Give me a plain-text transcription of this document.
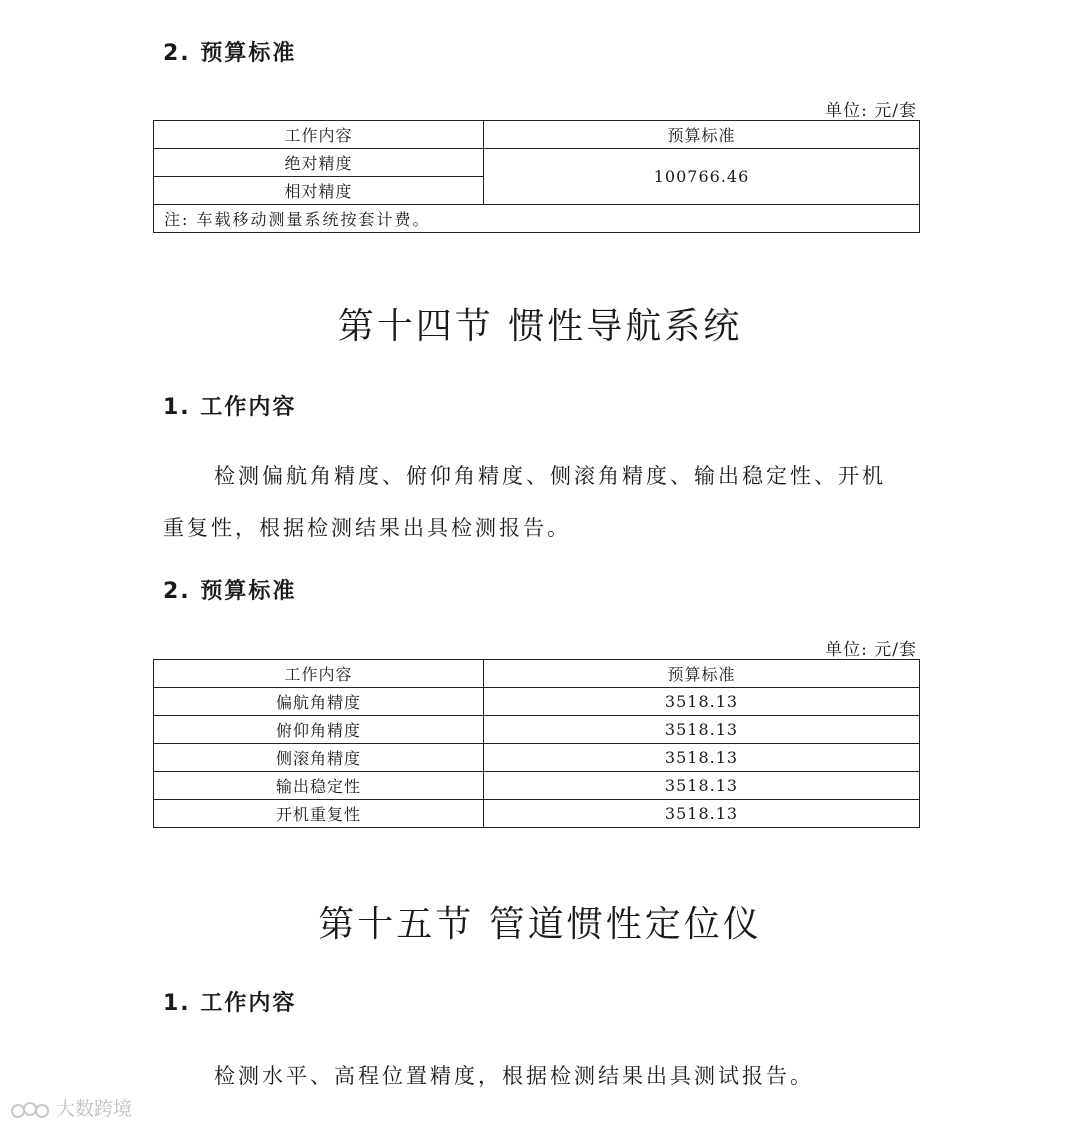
2. 预算标准
单位: 元/套
工作内容	预算标准
绝对精度	100766.46
相对精度	
注: 车载移动测量系统按套计费。	
第十四节 惯性导航系统
1. 工作内容
检测偏航角精度、俯仰角精度、侧滚角精度、输出稳定性、开机
重复性，根据检测结果出具检测报告。
2. 预算标准
单位: 元/套
工作内容	预算标准
偏航角精度	3518.13
俯仰角精度	3518.13
侧滚角精度	3518.13
输出稳定性	3518.13
开机重复性	3518.13
第十五节 管道惯性定位仪
1. 工作内容
检测水平、高程位置精度，根据检测结果出具测试报告。
大数跨境
